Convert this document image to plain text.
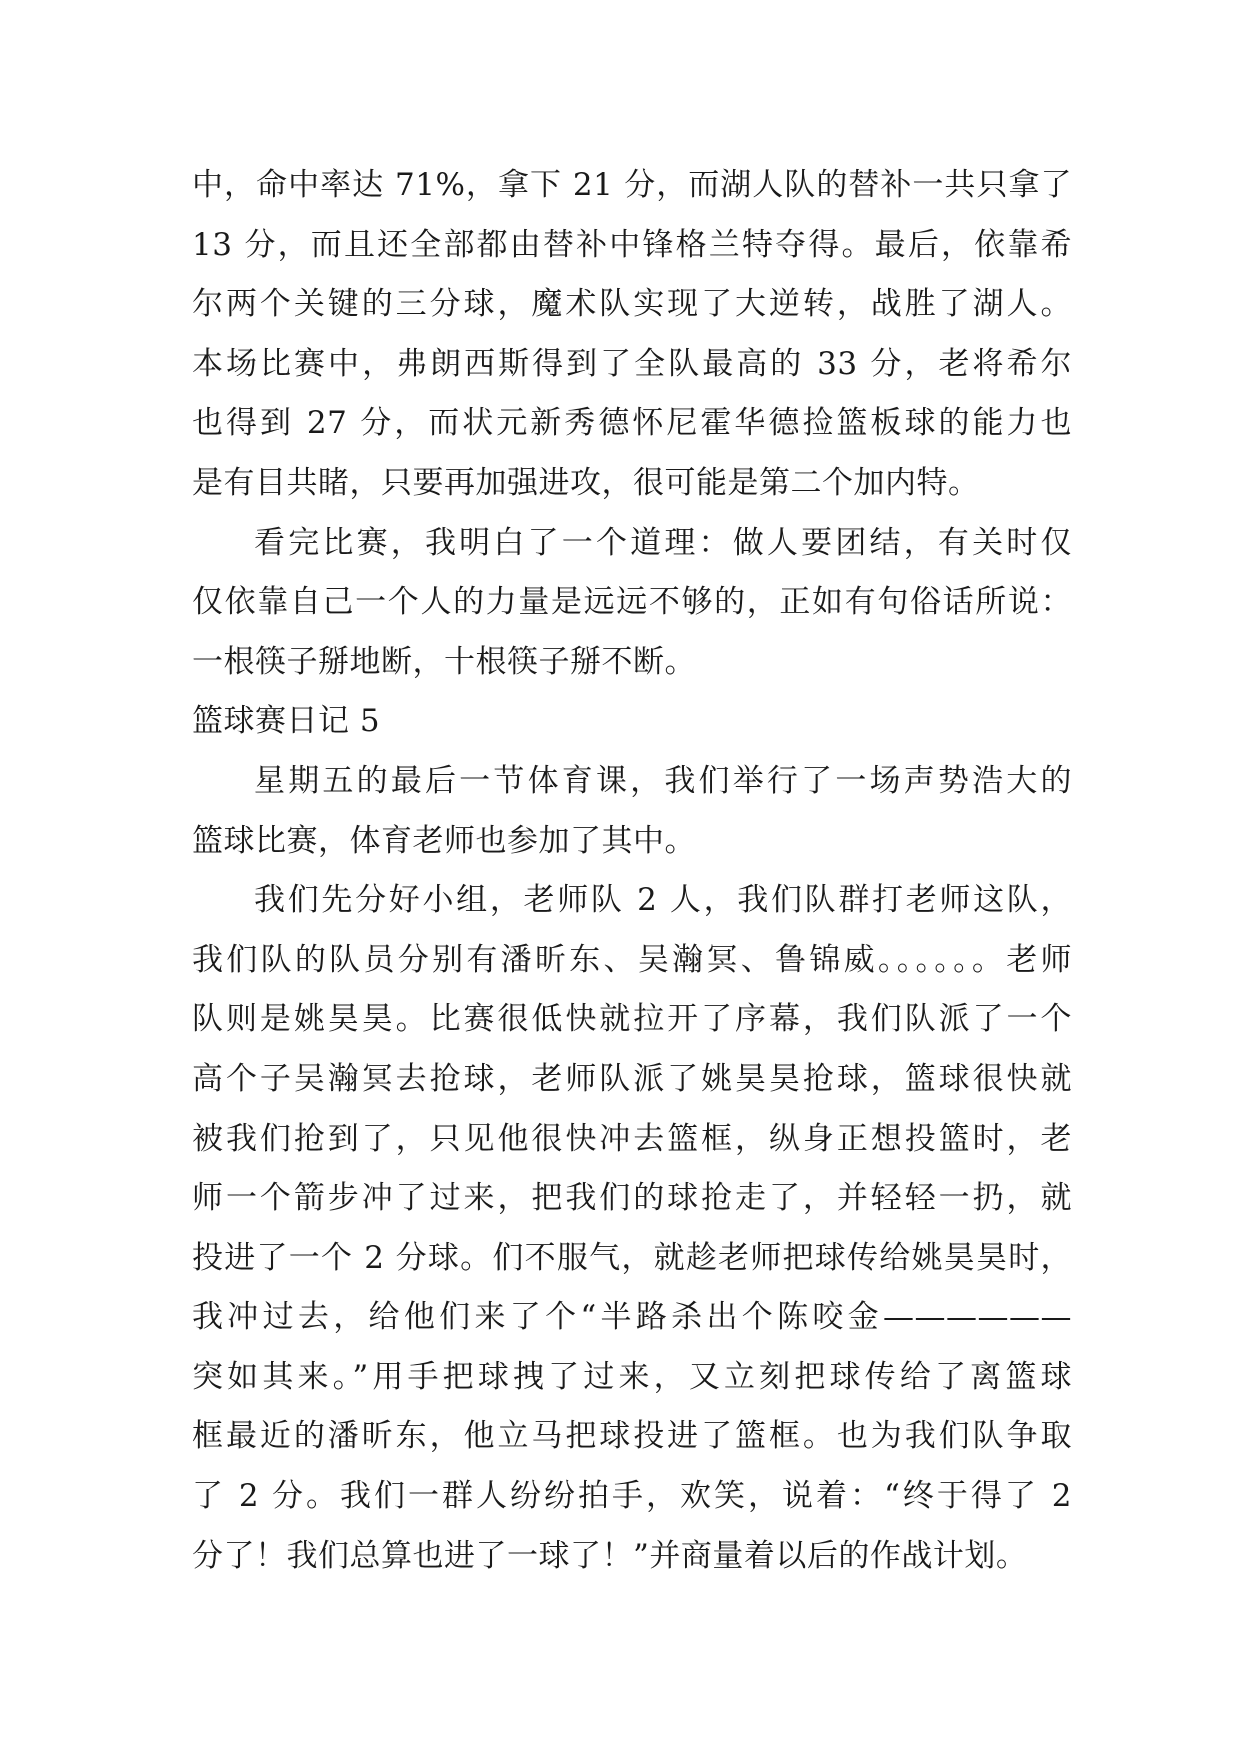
中，命中率达 71%，拿下 21 分，而湖人队的替补一共只拿了
13 分，而且还全部都由替补中锋格兰特夺得。最后，依靠希
尔两个关键的三分球，魔术队实现了大逆转，战胜了湖人。
本场比赛中，弗朗西斯得到了全队最高的 33 分，老将希尔
也得到 27 分，而状元新秀德怀尼霍华德捡篮板球的能力也
是有目共睹，只要再加强进攻，很可能是第二个加内特。
看完比赛，我明白了一个道理：做人要团结，有关时仅
仅依靠自己一个人的力量是远远不够的，正如有句俗话所说：
一根筷子掰地断，十根筷子掰不断。
篮球赛日记 5
星期五的最后一节体育课，我们举行了一场声势浩大的
篮球比赛，体育老师也参加了其中。
我们先分好小组，老师队 2 人，我们队群打老师这队，
我们队的队员分别有潘昕东、吴瀚冥、鲁锦威。。。。。。老师
队则是姚昊昊。比赛很低快就拉开了序幕，我们队派了一个
高个子吴瀚冥去抢球，老师队派了姚昊昊抢球，篮球很快就
被我们抢到了，只见他很快冲去篮框，纵身正想投篮时，老
师一个箭步冲了过来，把我们的球抢走了，并轻轻一扔，就
投进了一个 2 分球。们不服气，就趁老师把球传给姚昊昊时，
我冲过去，给他们来了个“半路杀出个陈咬金——————
突如其来。”用手把球拽了过来，又立刻把球传给了离篮球
框最近的潘昕东，他立马把球投进了篮框。也为我们队争取
了 2 分。我们一群人纷纷拍手，欢笑，说着：“终于得了 2
分了！我们总算也进了一球了！”并商量着以后的作战计划。
